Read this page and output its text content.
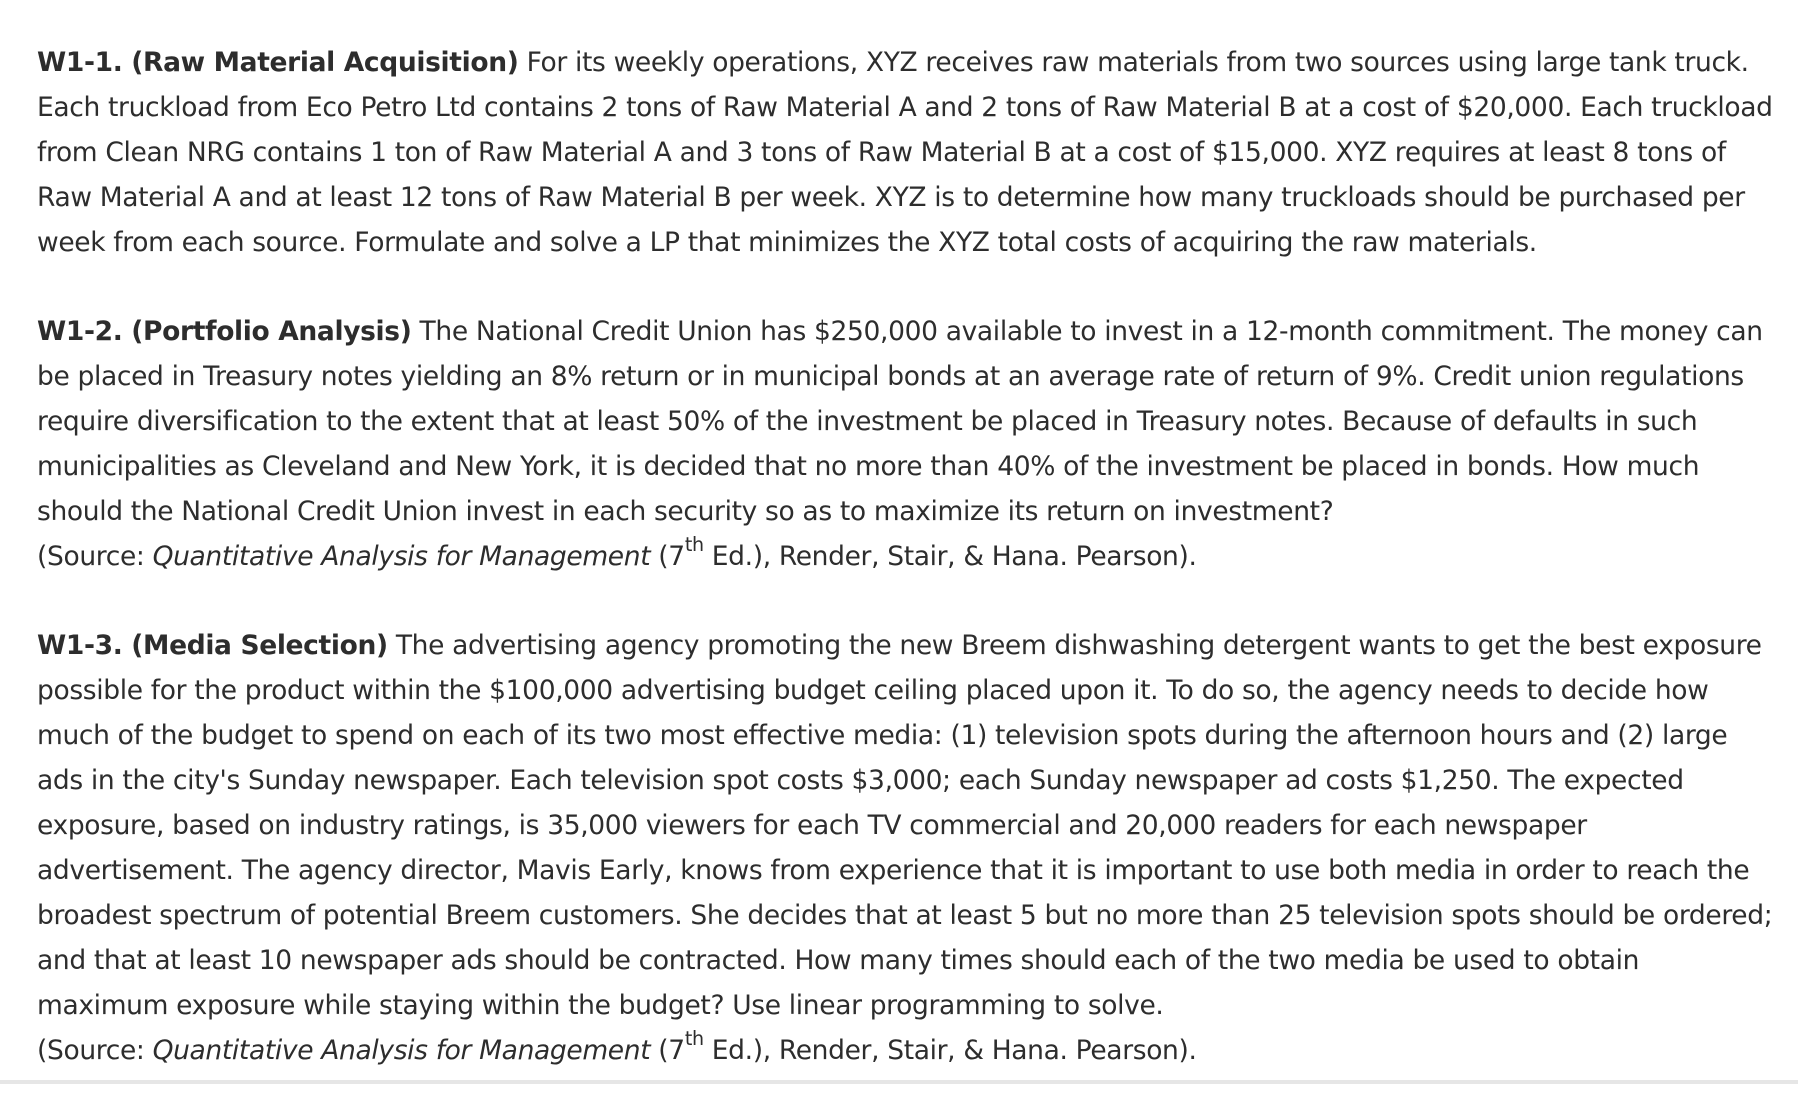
W1-1. (Raw Material Acquisition) For its weekly operations, XYZ receives raw materials from two sources using large tank truck. Each truckload from Eco Petro Ltd contains 2 tons of Raw Material A and 2 tons of Raw Material B at a cost of $20,000. Each truckload from Clean NRG contains 1 ton of Raw Material A and 3 tons of Raw Material B at a cost of $15,000. XYZ requires at least 8 tons of Raw Material A and at least 12 tons of Raw Material B per week. XYZ is to determine how many truckloads should be purchased per week from each source. Formulate and solve a LP that minimizes the XYZ total costs of acquiring the raw materials.

W1-2. (Portfolio Analysis) The National Credit Union has $250,000 available to invest in a 12-month commitment. The money can be placed in Treasury notes yielding an 8% return or in municipal bonds at an average rate of return of 9%. Credit union regulations require diversification to the extent that at least 50% of the investment be placed in Treasury notes. Because of defaults in such municipalities as Cleveland and New York, it is decided that no more than 40% of the investment be placed in bonds. How much should the National Credit Union invest in each security so as to maximize its return on investment?
(Source: Quantitative Analysis for Management (7th Ed.), Render, Stair, & Hana. Pearson).

W1-3. (Media Selection) The advertising agency promoting the new Breem dishwashing detergent wants to get the best exposure possible for the product within the $100,000 advertising budget ceiling placed upon it. To do so, the agency needs to decide how much of the budget to spend on each of its two most effective media: (1) television spots during the afternoon hours and (2) large ads in the city's Sunday newspaper. Each television spot costs $3,000; each Sunday newspaper ad costs $1,250. The expected exposure, based on industry ratings, is 35,000 viewers for each TV commercial and 20,000 readers for each newspaper advertisement. The agency director, Mavis Early, knows from experience that it is important to use both media in order to reach the broadest spectrum of potential Breem customers. She decides that at least 5 but no more than 25 television spots should be ordered; and that at least 10 newspaper ads should be contracted. How many times should each of the two media be used to obtain maximum exposure while staying within the budget? Use linear programming to solve.
(Source: Quantitative Analysis for Management (7th Ed.), Render, Stair, & Hana. Pearson).
